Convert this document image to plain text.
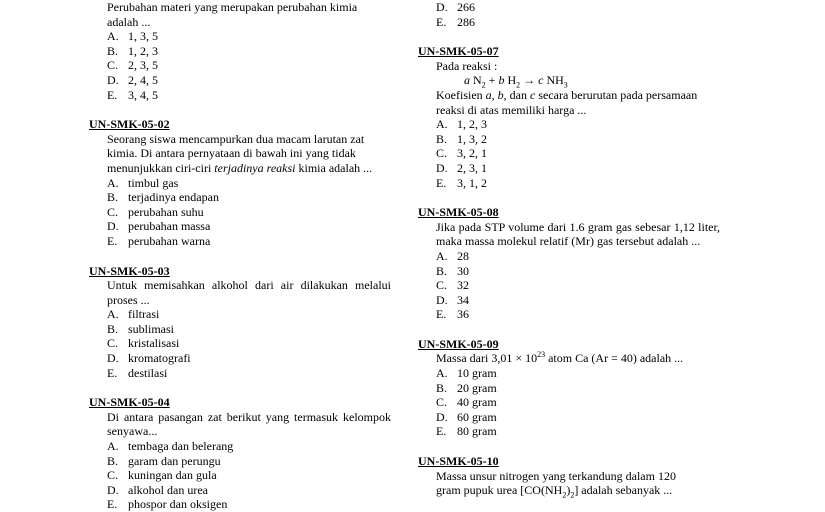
Perubahan materi yang merupakan perubahan kimia
adalah ...
A. 1, 3, 5
B. 1, 2, 3
C. 2, 3, 5
D. 2, 4, 5
E. 3, 4, 5
UN-SMK-05-02
Seorang siswa mencampurkan dua macam larutan zat
kimia. Di antara pernyataan di bawah ini yang tidak
menunjukkan ciri-ciri terjadinya reaksi kimia adalah ...
A. timbul gas
B. terjadinya endapan
C. perubahan suhu
D. perubahan massa
E. perubahan warna
UN-SMK-05-03
Untuk memisahkan alkohol dari air dilakukan melalui proses ...
A. filtrasi
B. sublimasi
C. kristalisasi
D. kromatografi
E. destilasi
UN-SMK-05-04
Di antara pasangan zat berikut yang termasuk kelompok senyawa...
A. tembaga dan belerang
B. garam dan perungu
C. kuningan dan gula
D. alkohol dan urea
E. phospor dan oksigen
D. 266
E. 286
UN-SMK-05-07
Pada reaksi :
a $N_2 + b$ $H_2 \to c$ $NH_3$
Koefisien a, b, dan c secara berurutan pada persamaan reaksi di atas memiliki harga ...
A. 1, 2, 3
B. 1, 3, 2
C. 3, 2, 1
D. 2, 3, 1
E. 3, 1, 2
UN-SMK-05-08
Jika pada STP volume dari 1.6 gram gas sebesar 1,12 liter, maka massa molekul relatif (Mr) gas tersebut adalah ...
A. 28
B. 30
C. 32
D. 34
E. 36
UN-SMK-05-09
Massa dari $3,01 \times 10^{23}$ atom Ca (Ar = 40) adalah ...
A. 10 gram
B. 20 gram
C. 40 gram
D. 60 gram
E. 80 gram
UN-SMK-05-10
Massa unsur nitrogen yang terkandung dalam 120
gram pupuk urea $[CO(NH_2)_2]$ adalah sebanyak ...
